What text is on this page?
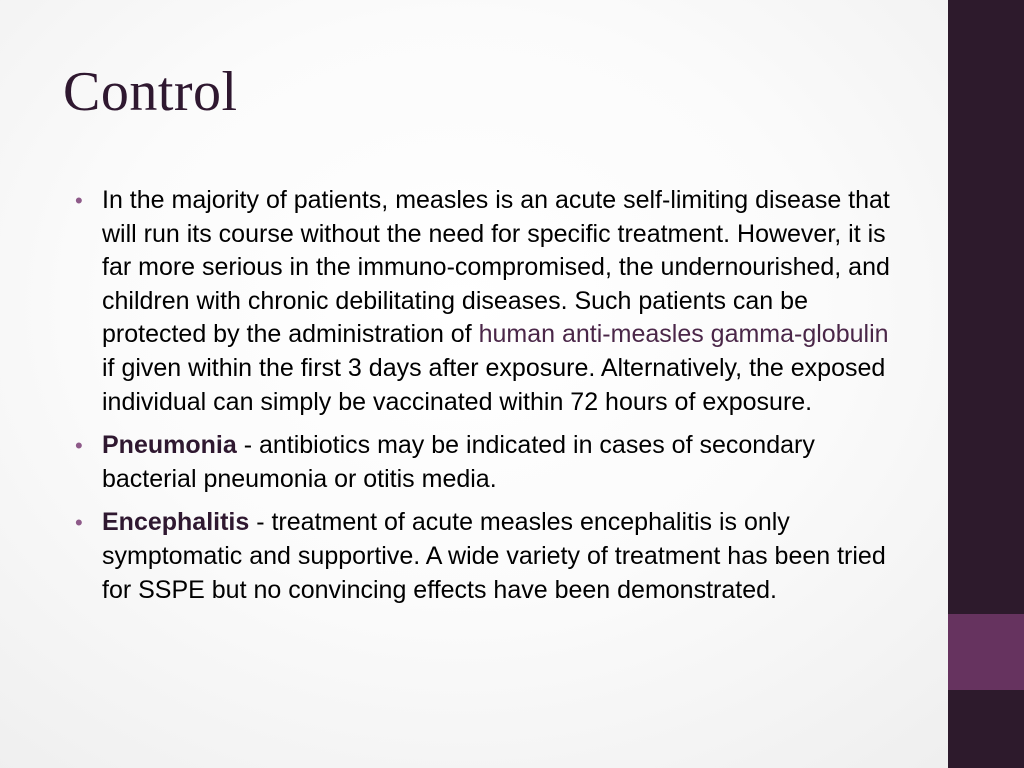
Control
• In the majority of patients, measles is an acute self-limiting disease that will run its course without the need for specific treatment. However, it is far more serious in the immuno-compromised, the undernourished, and children with chronic debilitating diseases. Such patients can be protected by the administration of human anti-measles gamma-globulin if given within the first 3 days after exposure. Alternatively, the exposed individual can simply be vaccinated within 72 hours of exposure.
• Pneumonia - antibiotics may be indicated in cases of secondary bacterial pneumonia or otitis media.
• Encephalitis - treatment of acute measles encephalitis is only symptomatic and supportive. A wide variety of treatment has been tried for SSPE but no convincing effects have been demonstrated.
